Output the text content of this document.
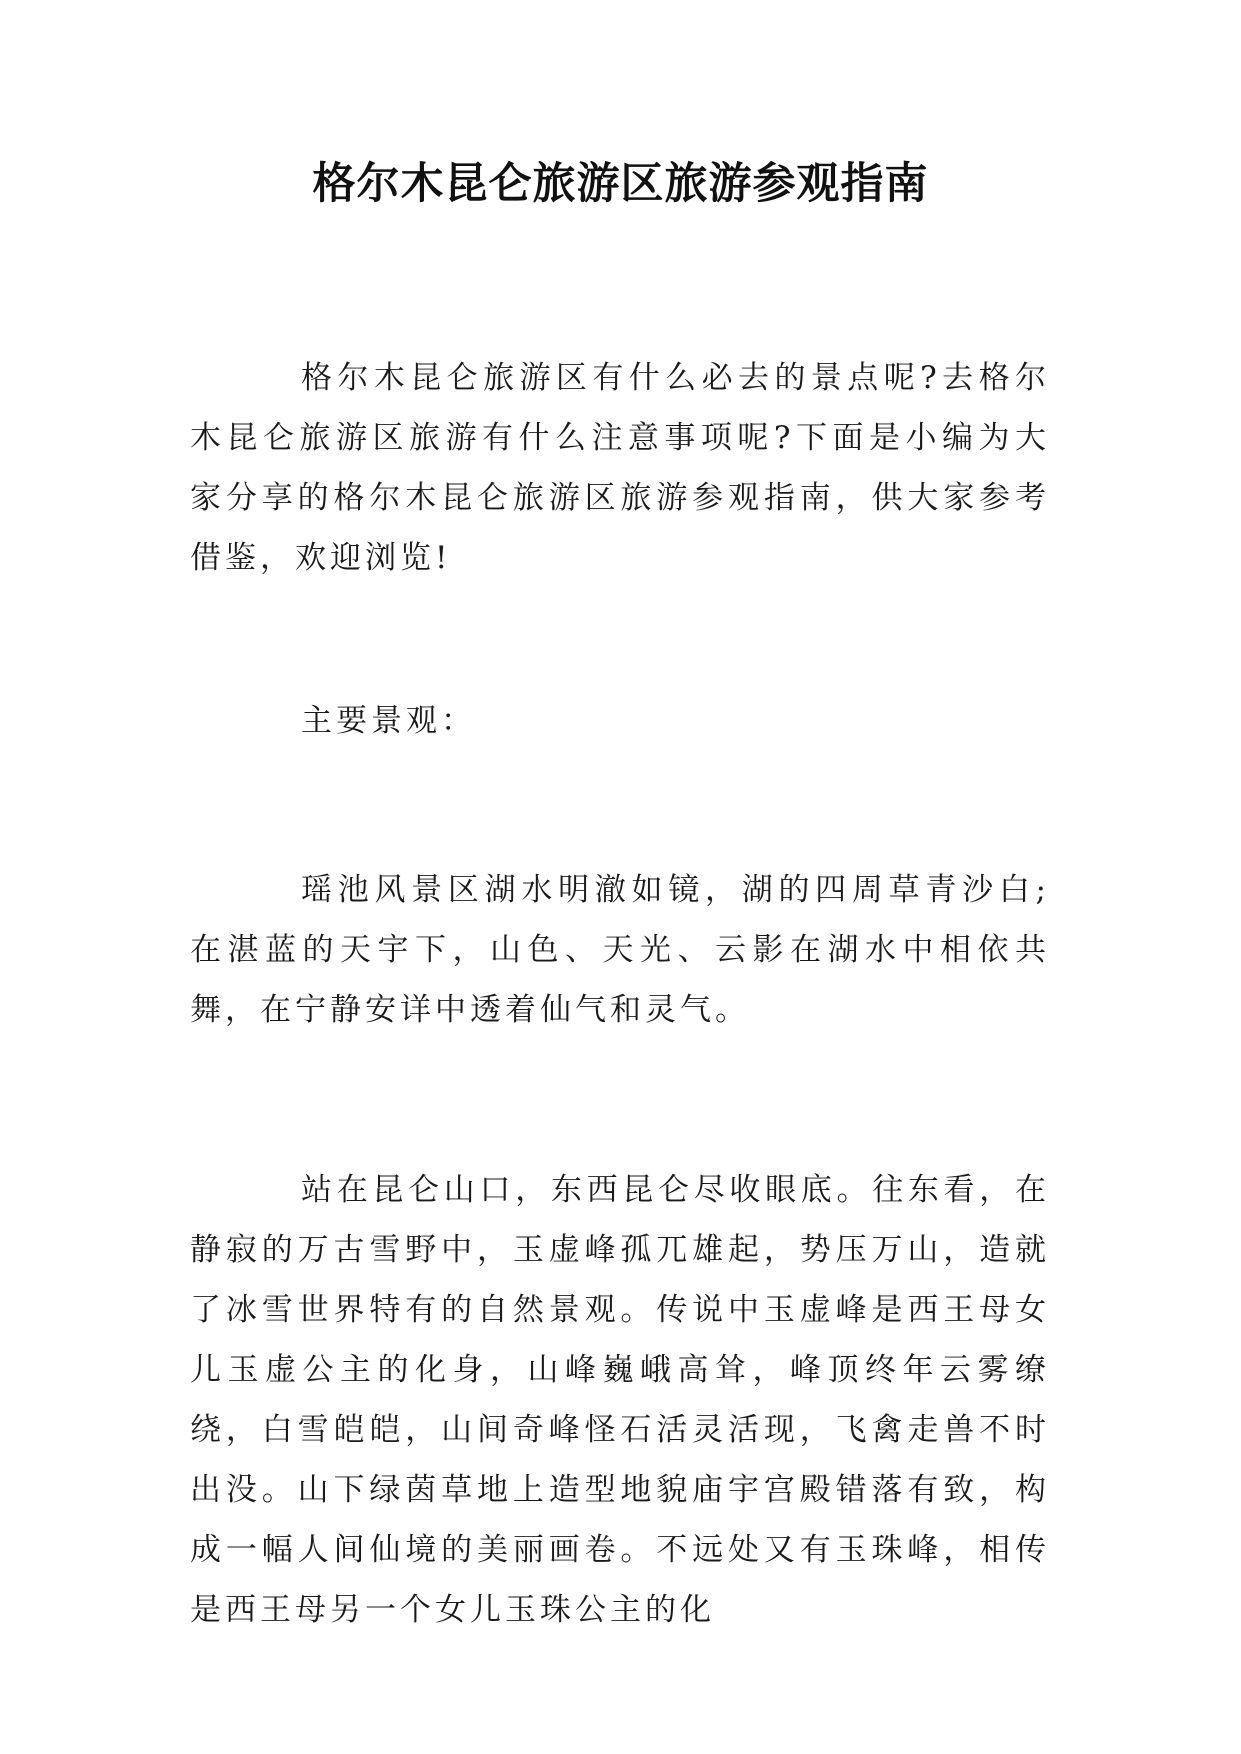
格尔木昆仑旅游区旅游参观指南

格尔木昆仑旅游区有什么必去的景点呢?去格尔木昆仑旅游区旅游有什么注意事项呢?下面是小编为大家分享的格尔木昆仑旅游区旅游参观指南，供大家参考借鉴，欢迎浏览!

主要景观：

瑶池风景区湖水明澈如镜，湖的四周草青沙白;在湛蓝的天宇下，山色、天光、云影在湖水中相依共舞，在宁静安详中透着仙气和灵气。

站在昆仑山口，东西昆仑尽收眼底。往东看，在静寂的万古雪野中，玉虚峰孤兀雄起，势压万山，造就了冰雪世界特有的自然景观。传说中玉虚峰是西王母女儿玉虚公主的化身，山峰巍峨高耸，峰顶终年云雾缭绕，白雪皑皑，山间奇峰怪石活灵活现，飞禽走兽不时出没。山下绿茵草地上造型地貌庙宇宫殿错落有致，构成一幅人间仙境的美丽画卷。不远处又有玉珠峰，相传是西王母另一个女儿玉珠公主的化
